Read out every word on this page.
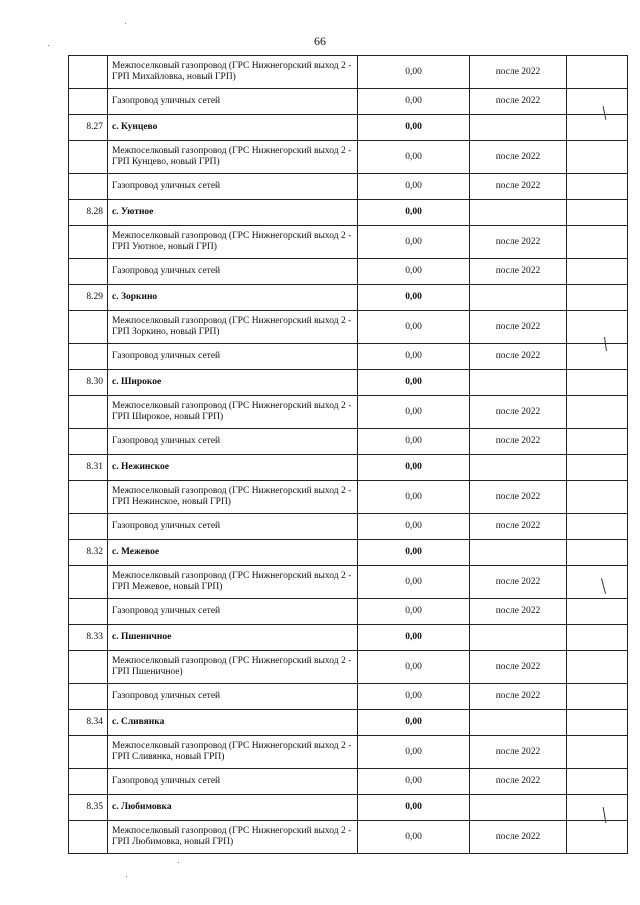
66
	Межпоселковый газопровод (ГРС Нижнегорский выход 2 - ГРП Михайловка, новый ГРП)	0,00	после 2022	
	Газопровод уличных сетей	0,00	после 2022	
8.27	с. Кунцево	0,00		
	Межпоселковый газопровод (ГРС Нижнегорский выход 2 - ГРП Кунцево, новый ГРП)	0,00	после 2022	
	Газопровод уличных сетей	0,00	после 2022	
8.28	с. Уютное	0,00		
	Межпоселковый газопровод (ГРС Нижнегорский выход 2 - ГРП Уютное, новый ГРП)	0,00	после 2022	
	Газопровод уличных сетей	0,00	после 2022	
8.29	с. Зоркино	0,00		
	Межпоселковый газопровод (ГРС Нижнегорский выход 2 - ГРП Зоркино, новый ГРП)	0,00	после 2022	
	Газопровод уличных сетей	0,00	после 2022	
8.30	с. Широкое	0,00		
	Межпоселковый газопровод (ГРС Нижнегорский выход 2 - ГРП Широкое, новый ГРП)	0,00	после 2022	
	Газопровод уличных сетей	0,00	после 2022	
8.31	с. Нежинское	0,00		
	Межпоселковый газопровод (ГРС Нижнегорский выход 2 - ГРП Нежинское, новый ГРП)	0,00	после 2022	
	Газопровод уличных сетей	0,00	после 2022	
8.32	с. Межевое	0,00		
	Межпоселковый газопровод (ГРС Нижнегорский выход 2 - ГРП Межевое, новый ГРП)	0,00	после 2022	
	Газопровод уличных сетей	0,00	после 2022	
8.33	с. Пшеничное	0,00		
	Межпоселковый газопровод (ГРС Нижнегорский выход 2 - ГРП Пшеничное)	0,00	после 2022	
	Газопровод уличных сетей	0,00	после 2022	
8.34	с. Сливянка	0,00		
	Межпоселковый газопровод (ГРС Нижнегорский выход 2 - ГРП Сливянка, новый ГРП)	0,00	после 2022	
	Газопровод уличных сетей	0,00	после 2022	
8.35	с. Любимовка	0,00		
	Межпоселковый газопровод (ГРС Нижнегорский выход 2 - ГРП Любимовка, новый ГРП)	0,00	после 2022	
